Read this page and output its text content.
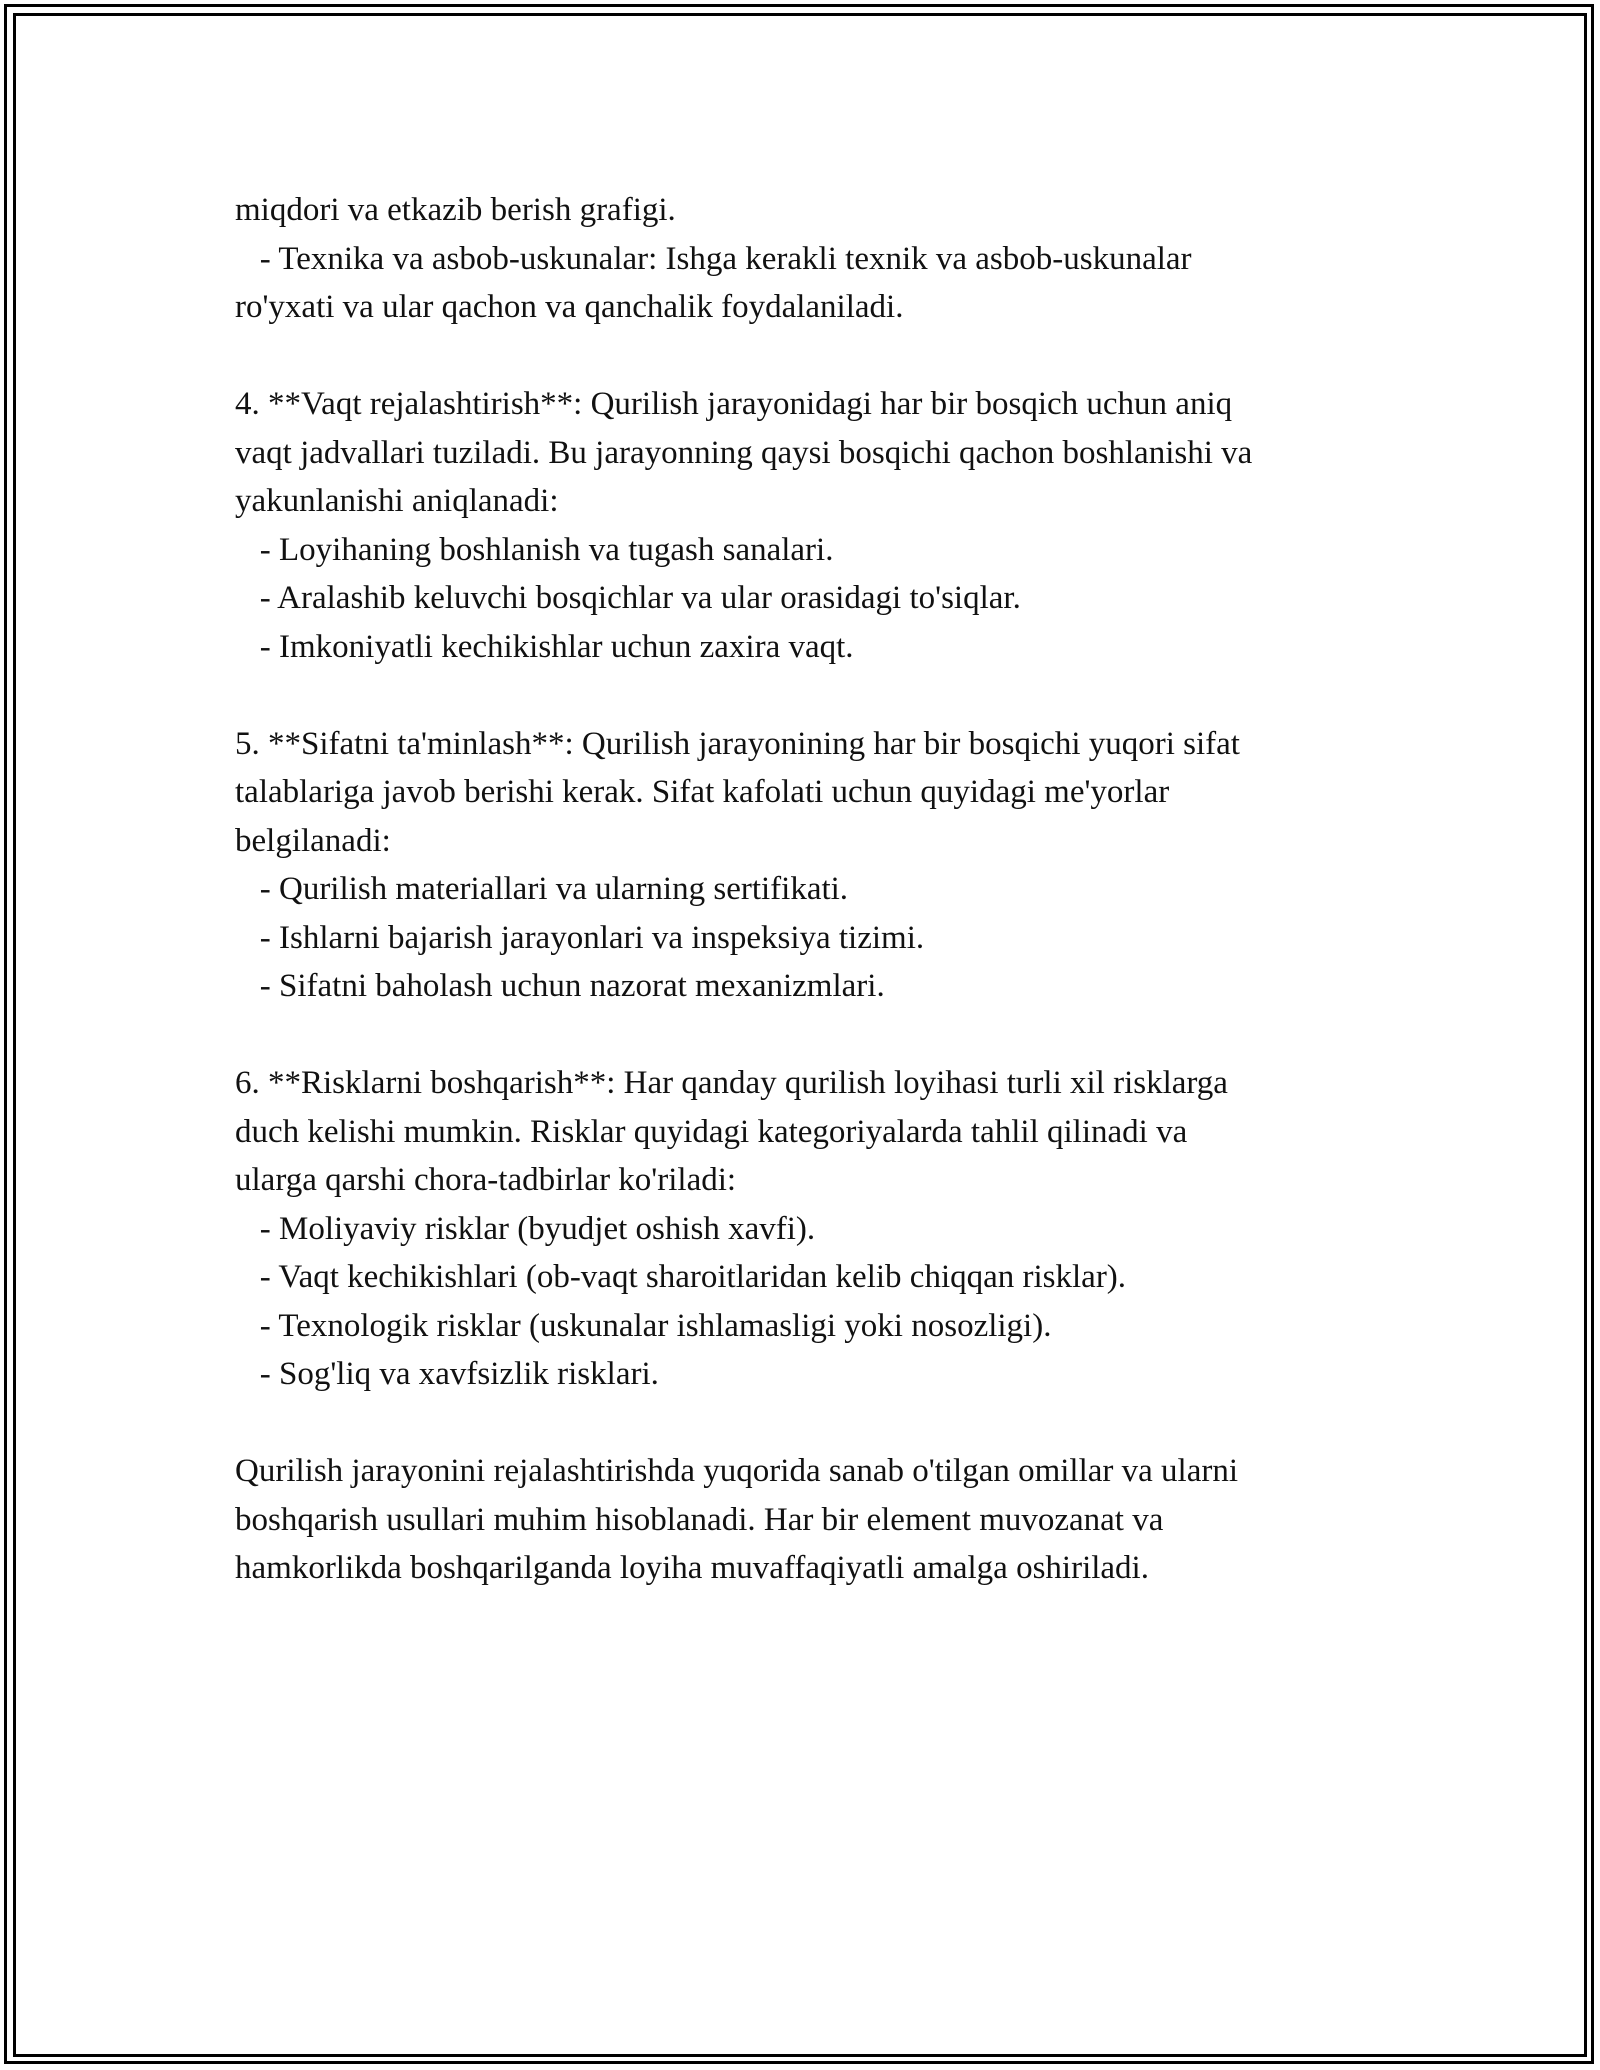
miqdori va etkazib berish grafigi.
- Texnika va asbob-uskunalar: Ishga kerakli texnik va asbob-uskunalar
ro'yxati va ular qachon va qanchalik foydalaniladi.

4. **Vaqt rejalashtirish**: Qurilish jarayonidagi har bir bosqich uchun aniq
vaqt jadvallari tuziladi. Bu jarayonning qaysi bosqichi qachon boshlanishi va
yakunlanishi aniqlanadi:
- Loyihaning boshlanish va tugash sanalari.
- Aralashib keluvchi bosqichlar va ular orasidagi to'siqlar.
- Imkoniyatli kechikishlar uchun zaxira vaqt.

5. **Sifatni ta'minlash**: Qurilish jarayonining har bir bosqichi yuqori sifat
talablariga javob berishi kerak. Sifat kafolati uchun quyidagi me'yorlar
belgilanadi:
- Qurilish materiallari va ularning sertifikati.
- Ishlarni bajarish jarayonlari va inspeksiya tizimi.
- Sifatni baholash uchun nazorat mexanizmlari.

6. **Risklarni boshqarish**: Har qanday qurilish loyihasi turli xil risklarga
duch kelishi mumkin. Risklar quyidagi kategoriyalarda tahlil qilinadi va
ularga qarshi chora-tadbirlar ko'riladi:
- Moliyaviy risklar (byudjet oshish xavfi).
- Vaqt kechikishlari (ob-vaqt sharoitlaridan kelib chiqqan risklar).
- Texnologik risklar (uskunalar ishlamasligi yoki nosozligi).
- Sog'liq va xavfsizlik risklari.

Qurilish jarayonini rejalashtirishda yuqorida sanab o'tilgan omillar va ularni
boshqarish usullari muhim hisoblanadi. Har bir element muvozanat va
hamkorlikda boshqarilganda loyiha muvaffaqiyatli amalga oshiriladi.
